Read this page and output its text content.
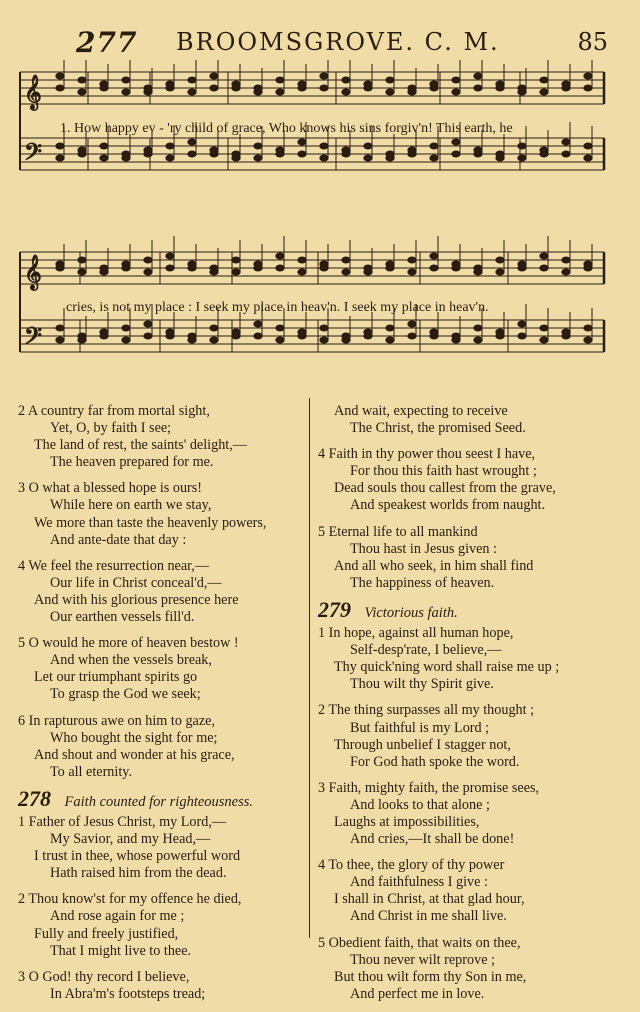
277 BROOMSGROVE. C. M.	85
𝄞
𝄢
𝄞
𝄢
1. How happy ev - 'ry child of grace, Who knows his sins forgiv'n! This earth, he
cries, is not my place : I seek my place in heav'n. I seek my place in heav'n.
2 A country far from mortal sight,
Yet, O, by faith I see;
The land of rest, the saints' delight,—
The heaven prepared for me.
3 O what a blessed hope is ours!
While here on earth we stay,
We more than taste the heavenly powers,
And ante-date that day :
4 We feel the resurrection near,—
Our life in Christ conceal'd,—
And with his glorious presence here
Our earthen vessels fill'd.
5 O would he more of heaven bestow !
And when the vessels break,
Let our triumphant spirits go
To grasp the God we seek;
6 In rapturous awe on him to gaze,
Who bought the sight for me;
And shout and wonder at his grace,
To all eternity.
278 Faith counted for righteousness.
1 Father of Jesus Christ, my Lord,—
My Savior, and my Head,—
I trust in thee, whose powerful word
Hath raised him from the dead.
2 Thou know'st for my offence he died,
And rose again for me ;
Fully and freely justified,
That I might live to thee.
3 O God! thy record I believe,
In Abra'm's footsteps tread;
And wait, expecting to receive
The Christ, the promised Seed.
4 Faith in thy power thou seest I have,
For thou this faith hast wrought ;
Dead souls thou callest from the grave,
And speakest worlds from naught.
5 Eternal life to all mankind
Thou hast in Jesus given :
And all who seek, in him shall find
The happiness of heaven.
279 Victorious faith.
1 In hope, against all human hope,
Self-desp'rate, I believe,—
Thy quick'ning word shall raise me up ;
Thou wilt thy Spirit give.
2 The thing surpasses all my thought ;
But faithful is my Lord ;
Through unbelief I stagger not,
For God hath spoke the word.
3 Faith, mighty faith, the promise sees,
And looks to that alone ;
Laughs at impossibilities,
And cries,—It shall be done!
4 To thee, the glory of thy power
And faithfulness I give :
I shall in Christ, at that glad hour,
And Christ in me shall live.
5 Obedient faith, that waits on thee,
Thou never wilt reprove ;
But thou wilt form thy Son in me,
And perfect me in love.
